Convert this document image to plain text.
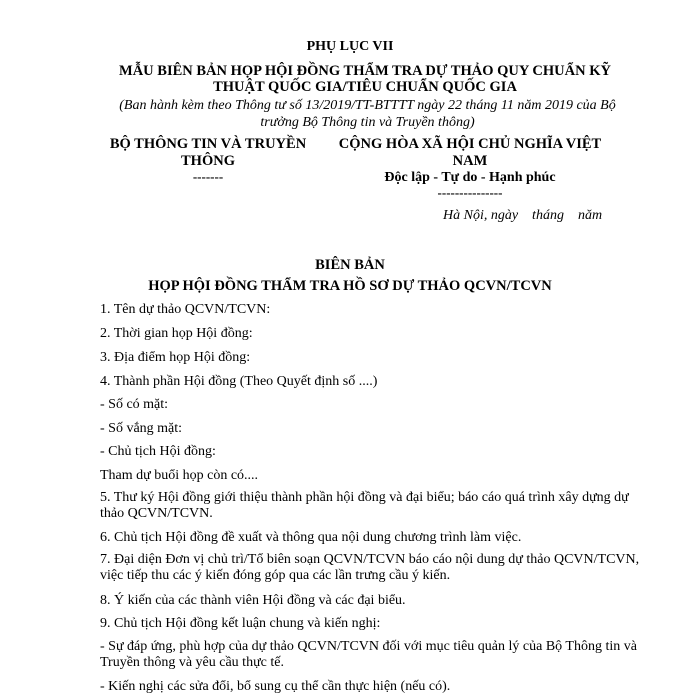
PHỤ LỤC VII

MẪU BIÊN BẢN HỌP HỘI ĐỒNG THẨM TRA DỰ THẢO QUY CHUẨN KỸ THUẬT QUỐC GIA/TIÊU CHUẨN QUỐC GIA

(Ban hành kèm theo Thông tư số 13/2019/TT-BTTTT ngày 22 tháng 11 năm 2019 của Bộ trưởng Bộ Thông tin và Truyền thông)

BỘ THÔNG TIN VÀ TRUYỀN THÔNG

-------

CỘNG HÒA XÃ HỘI CHỦ NGHĨA VIỆT NAM

Độc lập - Tự do - Hạnh phúc

---------------

Hà Nội, ngày    tháng    năm

BIÊN BẢN

HỌP HỘI ĐỒNG THẨM TRA HỒ SƠ DỰ THẢO QCVN/TCVN

1. Tên dự thảo QCVN/TCVN:

2. Thời gian họp Hội đồng:

3. Địa điểm họp Hội đồng:

4. Thành phần Hội đồng (Theo Quyết định số ....)

- Số có mặt:

- Số vắng mặt:

- Chủ tịch Hội đồng:

Tham dự buổi họp còn có....

5. Thư ký Hội đồng giới thiệu thành phần hội đồng và đại biểu; báo cáo quá trình xây dựng dự thảo QCVN/TCVN.

6. Chủ tịch Hội đồng đề xuất và thông qua nội dung chương trình làm việc.

7. Đại diện Đơn vị chủ trì/Tổ biên soạn QCVN/TCVN báo cáo nội dung dự thảo QCVN/TCVN, việc tiếp thu các ý kiến đóng góp qua các lần trưng cầu ý kiến.

8. Ý kiến của các thành viên Hội đồng và các đại biểu.

9. Chủ tịch Hội đồng kết luận chung và kiến nghị:

- Sự đáp ứng, phù hợp của dự thảo QCVN/TCVN đối với mục tiêu quản lý của Bộ Thông tin và Truyền thông và yêu cầu thực tế.

- Kiến nghị các sửa đổi, bổ sung cụ thể cần thực hiện (nếu có).
